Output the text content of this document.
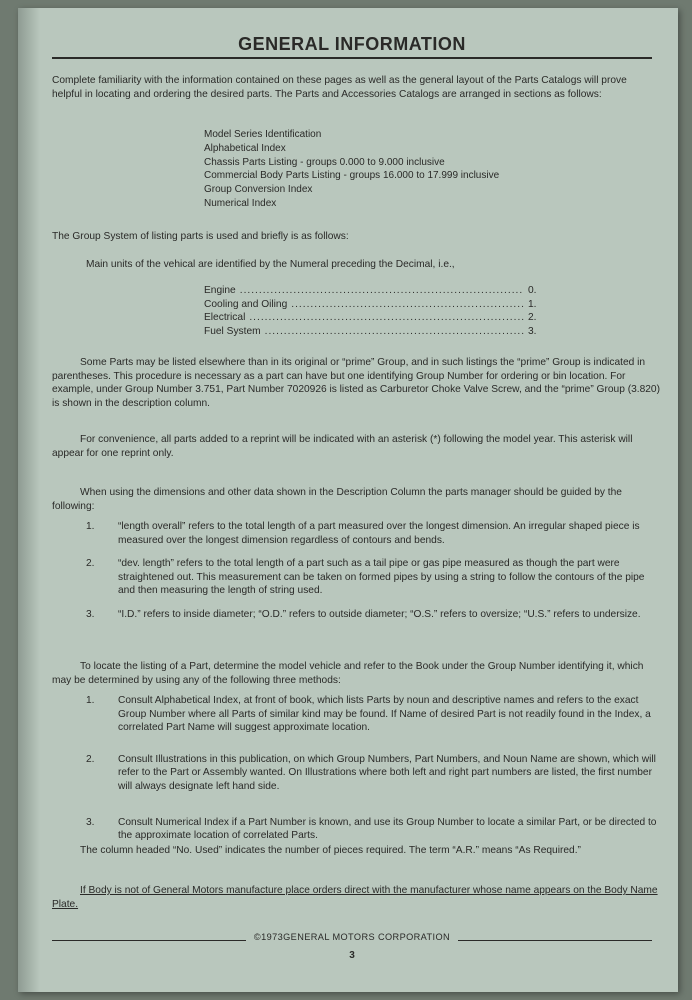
GENERAL INFORMATION
Complete familiarity with the information contained on these pages as well as the general layout of the Parts Catalogs will prove helpful in locating and ordering the desired parts. The Parts and Accessories Catalogs are arranged in sections as follows:
Model Series Identification
Alphabetical Index
Chassis Parts Listing - groups 0.000 to 9.000 inclusive
Commercial Body Parts Listing - groups 16.000 to 17.999 inclusive
Group Conversion Index
Numerical Index
The Group System of listing parts is used and briefly is as follows:
Main units of the vehical are identified by the Numeral preceding the Decimal, i.e.,
Engine .....	0.
Cooling and Oiling .....	1.
Electrical .....	2.
Fuel System .....	3.
Some Parts may be listed elsewhere than in its original or “prime” Group, and in such listings the “prime” Group is indicated in parentheses. This procedure is necessary as a part can have but one identifying Group Number for ordering or bin location. For example, under Group Number 3.751, Part Number 7020926 is listed as Carburetor Choke Valve Screw, and the “prime” Group (3.820) is shown in the description column.
For convenience, all parts added to a reprint will be indicated with an asterisk (*) following the model year. This asterisk will appear for one reprint only.
When using the dimensions and other data shown in the Description Column the parts manager should be guided by the following:
1.	“length overall” refers to the total length of a part measured over the longest dimension. An irregular shaped piece is measured over the longest dimension regardless of contours and bends.
2.	“dev. length” refers to the total length of a part such as a tail pipe or gas pipe measured as though the part were straightened out. This measurement can be taken on formed pipes by using a string to follow the contours of the pipe and then measuring the length of string used.
3.	“I.D.” refers to inside diameter; “O.D.” refers to outside diameter; “O.S.” refers to oversize; “U.S.” refers to undersize.
To locate the listing of a Part, determine the model vehicle and refer to the Book under the Group Number identifying it, which may be determined by using any of the following three methods:
1.	Consult Alphabetical Index, at front of book, which lists Parts by noun and descriptive names and refers to the exact Group Number where all Parts of similar kind may be found. If Name of desired Part is not readily found in the Index, a correlated Part Name will suggest approximate location.
2.	Consult Illustrations in this publication, on which Group Numbers, Part Numbers, and Noun Name are shown, which will refer to the Part or Assembly wanted. On Illustrations where both left and right part numbers are listed, the first number will always designate left hand side.
3.	Consult Numerical Index if a Part Number is known, and use its Group Number to locate a similar Part, or be directed to the approximate location of correlated Parts.
The column headed “No. Used” indicates the number of pieces required. The term “A.R.” means “As Required.”
If Body is not of General Motors manufacture place orders direct with the manufacturer whose name appears on the Body Name Plate.
©1973GENERAL MOTORS CORPORATION
3
